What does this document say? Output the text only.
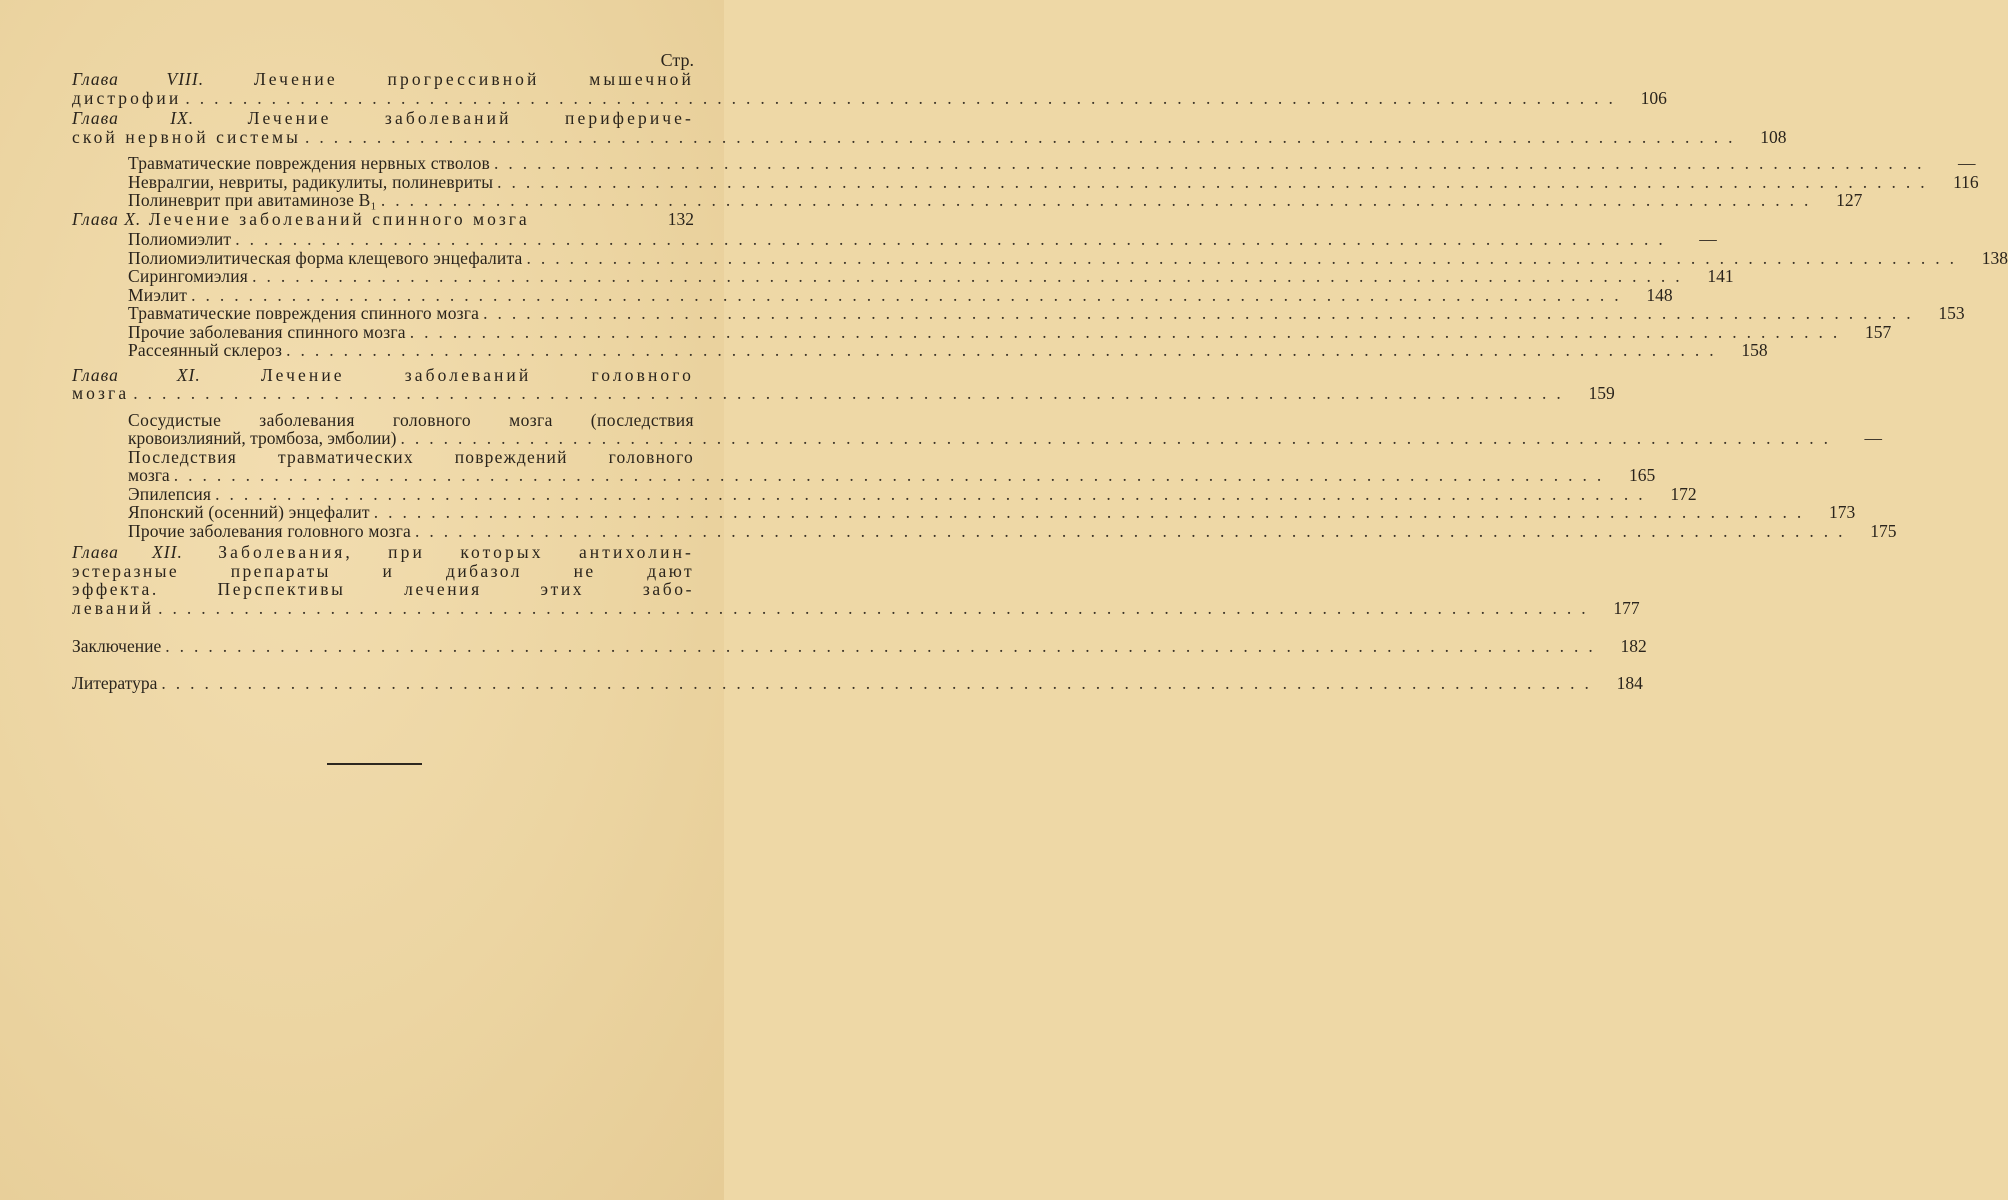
Стр.
Глава VIII.	Лечение прогрессивной мышечной
дистрофии ....................................................................................................	106
Глава IX.	Лечение заболеваний перифериче-
ской нервной системы ....................................................................................................	108
Травматические повреждения нервных стволов ....................................................................................................	—
Невралгии, невриты, радикулиты, полиневриты ....................................................................................................	116
Полиневрит при авитаминозе B₁ ....................................................................................................	127
Глава X. Лечение заболеваний спинного мозга	132
Полиомиэлит ....................................................................................................	—
Полиомиэлитическая форма клещевого энцефалита ....................................................................................................	138
Сирингомиэлия ....................................................................................................	141
Миэлит ....................................................................................................	148
Травматические повреждения спинного мозга ....................................................................................................	153
Прочие заболевания спинного мозга ....................................................................................................	157
Рассеянный склероз ....................................................................................................	158
Глава XI.	Лечение заболеваний головного
мозга ....................................................................................................	159
Сосудистые заболевания головного мозга (последствия
кровоизлияний, тромбоза, эмболии) ....................................................................................................	—
Последствия травматических повреждений головного
мозга ....................................................................................................	165
Эпилепсия ....................................................................................................	172
Японский (осенний) энцефалит ....................................................................................................	173
Прочие заболевания головного мозга ....................................................................................................	175
Глава XII. Заболевания, при которых антихолин-
эстеразные препараты и дибазол не дают
эффекта. Перспективы лечения этих забо-
леваний ....................................................................................................	177
Заключение ....................................................................................................	182
Литература ....................................................................................................	184
